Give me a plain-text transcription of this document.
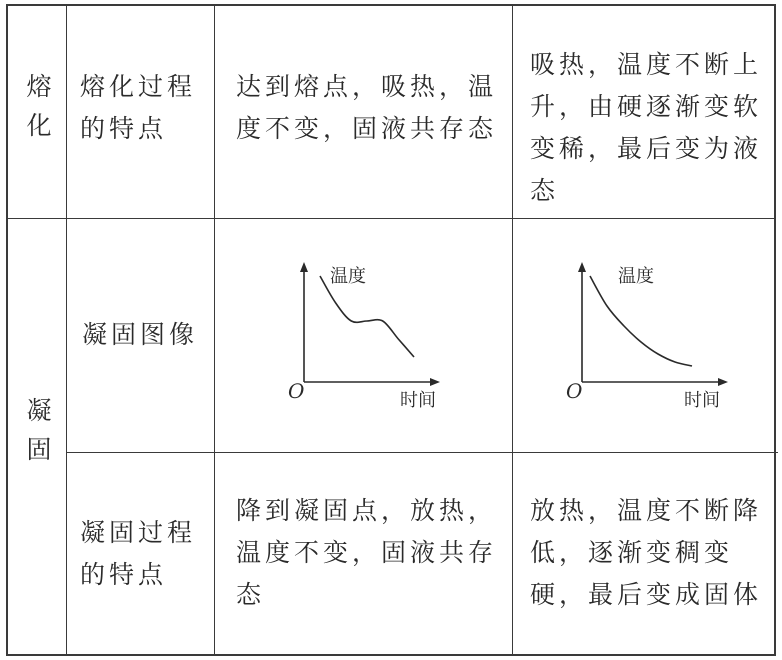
熔化	熔化过程的特点
达到熔点，吸热，温度不变，固液共存态
吸热，温度不断上升，由硬逐渐变软变稀，最后变为液态
凝固
凝固图像
温度
时间
O
温度
时间
O
凝固过程的特点
降到凝固点，放热，温度不变，固液共存态
放热，温度不断降低，逐渐变稠变硬，最后变成固体
